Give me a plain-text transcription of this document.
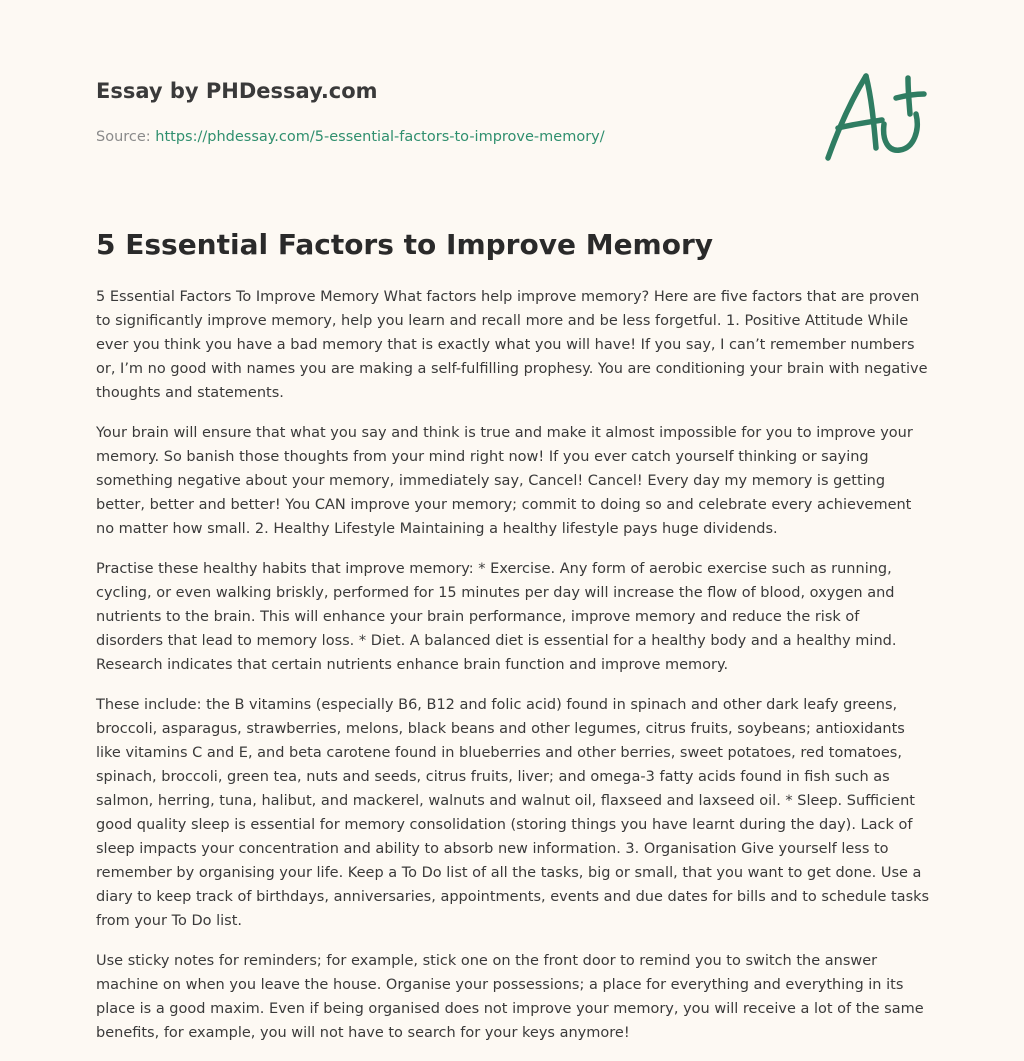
Essay by PHDessay.com
Source: https://phdessay.com/5-essential-factors-to-improve-memory/
5 Essential Factors to Improve Memory

5 Essential Factors To Improve Memory What factors help improve memory? Here are five factors that are proven to significantly improve memory, help you learn and recall more and be less forgetful. 1. Positive Attitude While ever you think you have a bad memory that is exactly what you will have! If you say, I can’t remember numbers or, I’m no good with names you are making a self-fulfilling prophesy. You are conditioning your brain with negative thoughts and statements.

Your brain will ensure that what you say and think is true and make it almost impossible for you to improve your memory. So banish those thoughts from your mind right now! If you ever catch yourself thinking or saying something negative about your memory, immediately say, Cancel! Cancel! Every day my memory is getting better, better and better! You CAN improve your memory; commit to doing so and celebrate every achievement no matter how small. 2. Healthy Lifestyle Maintaining a healthy lifestyle pays huge dividends.

Practise these healthy habits that improve memory: * Exercise. Any form of aerobic exercise such as running, cycling, or even walking briskly, performed for 15 minutes per day will increase the flow of blood, oxygen and nutrients to the brain. This will enhance your brain performance, improve memory and reduce the risk of disorders that lead to memory loss. * Diet. A balanced diet is essential for a healthy body and a healthy mind. Research indicates that certain nutrients enhance brain function and improve memory.

These include: the B vitamins (especially B6, B12 and folic acid) found in spinach and other dark leafy greens, broccoli, asparagus, strawberries, melons, black beans and other legumes, citrus fruits, soybeans; antioxidants like vitamins C and E, and beta carotene found in blueberries and other berries, sweet potatoes, red tomatoes, spinach, broccoli, green tea, nuts and seeds, citrus fruits, liver; and omega-3 fatty acids found in fish such as salmon, herring, tuna, halibut, and mackerel, walnuts and walnut oil, flaxseed and laxseed oil. * Sleep. Sufficient good quality sleep is essential for memory consolidation (storing things you have learnt during the day). Lack of sleep impacts your concentration and ability to absorb new information. 3. Organisation Give yourself less to remember by organising your life. Keep a To Do list of all the tasks, big or small, that you want to get done. Use a diary to keep track of birthdays, anniversaries, appointments, events and due dates for bills and to schedule tasks from your To Do list.

Use sticky notes for reminders; for example, stick one on the front door to remind you to switch the answer machine on when you leave the house. Organise your possessions; a place for everything and everything in its place is a good maxim. Even if being organised does not improve your memory, you will receive a lot of the same benefits, for example, you will not have to search for your keys anymore!
